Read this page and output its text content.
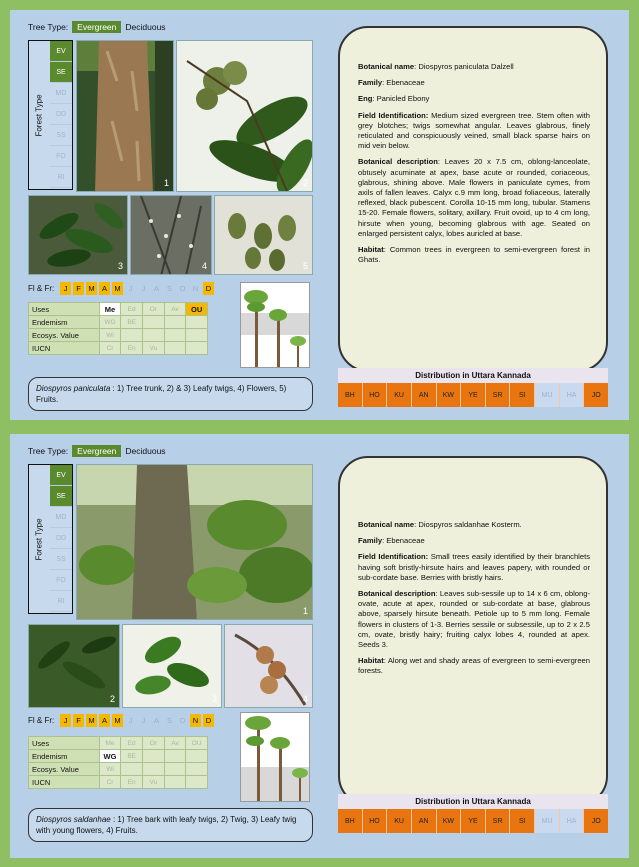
Tree Type:	Evergreen	Deciduous
Forest Type
EV
SE
MD
DD
SS
FO
RI
1	2
3	4	5
Fl & Fr:	J	F	M A M	J	J	A	S	O N	D
Uses	Me	Ed	Or	Av	OU
Endemism	WG	BE			
Ecosys. Value	Wi				
IUCN	Cr	En	Vu		
Diospyros paniculata : 1) Tree trunk, 2) & 3) Leafy twigs, 4) Flowers, 5) Fruits.

Botanical name: Diospyros paniculata Dalzell

Family: Ebenaceae

Eng: Panicled Ebony

Field Identification: Medium sized evergreen tree. Stem often with grey blotches; twigs somewhat angular. Leaves glabrous, finely reticulated and conspicuously veined, small black sparse hairs on mid vein below.

Botanical description: Leaves 20 x 7.5 cm, oblong-lanceolate, obtusely acuminate at apex, base acute or rounded, coriaceous, glabrous, shining above. Male flowers in paniculate cymes, from axils of fallen leaves. Calyx c.9 mm long, broad foliaceous, laterally reflexed, black pubescent. Corolla 10-15 mm long, tubular. Stamens 15-20. Female flowers, solitary, axillary. Fruit ovoid, up to 4 cm long, hirsute when young, becoming glabrous with age. Seated on enlarged persistent calyx, lobes auricled at base.

Habitat: Common trees in evergreen to semi-evergreen forest in Ghats.

Distribution in Uttara Kannada
BH	HO	KU	AN	KW	YE	SR	SI	MU	HA	JO
Tree Type:	Evergreen	Deciduous
Forest Type
EV
SE
MD
DD
SS
FO
RI
1
2	3	4
Fl & Fr:	J	F	M A M	J	J	A	S	O N	D
Uses	Me	Ed	Or	Av	OU
Endemism	WG	BE			
Ecosys. Value	Wi				
IUCN	Cr	En	Vu		
Diospyros saldanhae : 1) Tree bark with leafy twigs, 2) Twig, 3) Leafy twig with young flowers, 4) Fruits.

Botanical name: Diospyros saldanhae Kosterm.

Family: Ebenaceae

Field Identification: Small trees easily identified by their branchlets having soft bristly-hirsute hairs and leaves papery, with rounded or sub-cordate base. Berries with bristly hairs.

Botanical description: Leaves sub-sessile up to 14 x 6 cm, oblong-ovate, acute at apex, rounded or sub-cordate at base, glabrous above, sparsely hirsute beneath. Petiole up to 5 mm long. Female flowers in clusters of 1-3. Berries sessile or subsessile, up to 2 x 2.5 cm, ovate, bristly hairy; fruiting calyx lobes 4, rounded at apex. Seeds 3.

Habitat: Along wet and shady areas of evergreen to semi-evergreen forests.

Distribution in Uttara Kannada
BH	HO	KU	AN	KW	YE	SR	SI	MU	HA	JO
